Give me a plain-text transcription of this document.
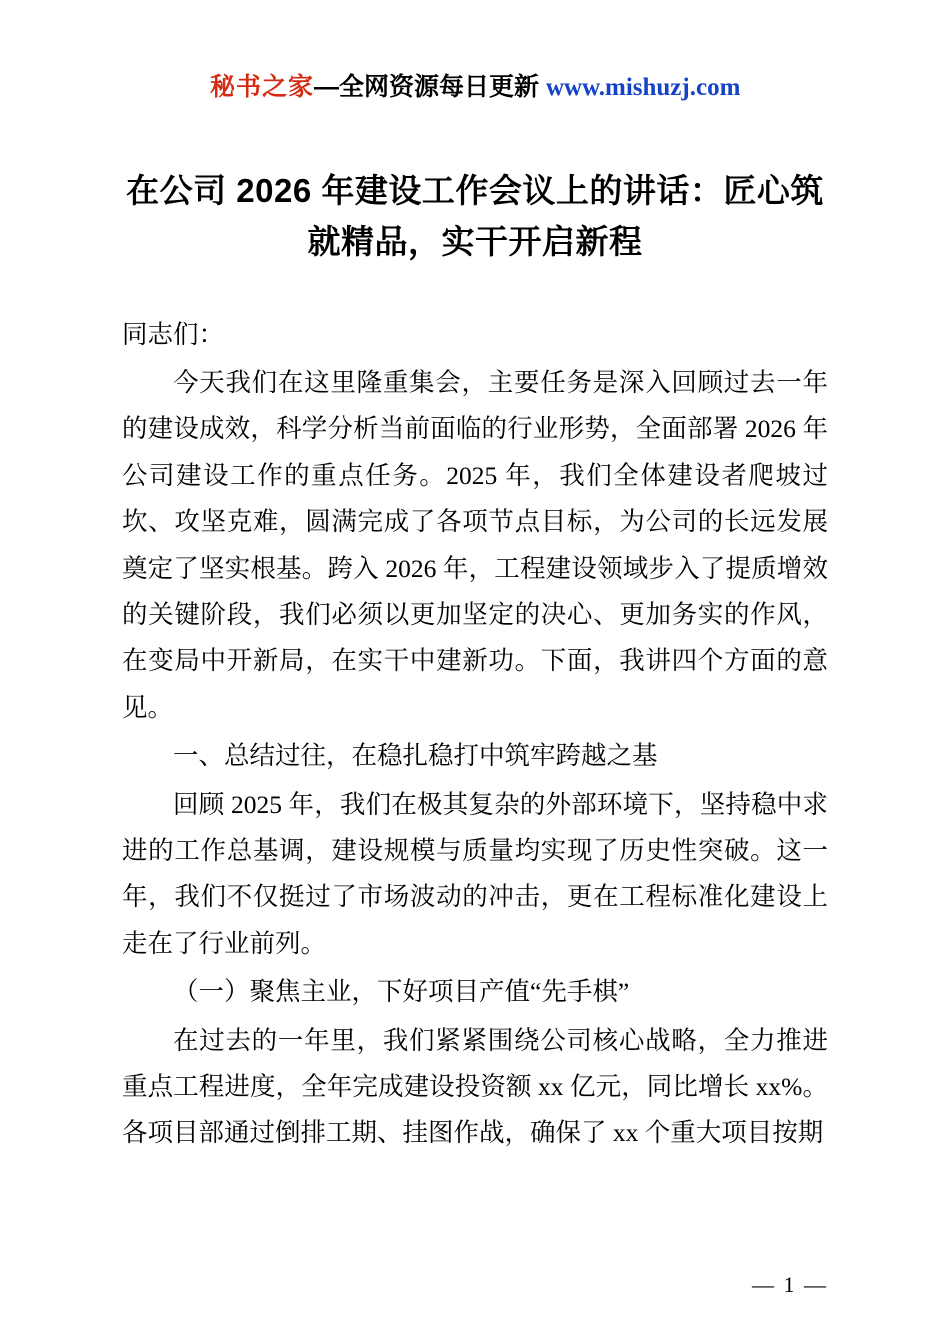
秘书之家—全网资源每日更新 www.mishuzj.com
在公司 2026 年建设工作会议上的讲话：匠心筑就精品，实干开启新程

同志们：

今天我们在这里隆重集会，主要任务是深入回顾过去一年的建设成效，科学分析当前面临的行业形势，全面部署 2026 年公司建设工作的重点任务。2025 年，我们全体建设者爬坡过坎、攻坚克难，圆满完成了各项节点目标，为公司的长远发展奠定了坚实根基。跨入 2026 年，工程建设领域步入了提质增效的关键阶段，我们必须以更加坚定的决心、更加务实的作风，在变局中开新局，在实干中建新功。下面，我讲四个方面的意见。

一、总结过往，在稳扎稳打中筑牢跨越之基

回顾 2025 年，我们在极其复杂的外部环境下，坚持稳中求进的工作总基调，建设规模与质量均实现了历史性突破。这一年，我们不仅挺过了市场波动的冲击，更在工程标准化建设上走在了行业前列。

（一）聚焦主业，下好项目产值“先手棋”

在过去的一年里，我们紧紧围绕公司核心战略，全力推进重点工程进度，全年完成建设投资额 xx 亿元，同比增长 xx%。各项目部通过倒排工期、挂图作战，确保了 xx 个重大项目按期

— 1 —
